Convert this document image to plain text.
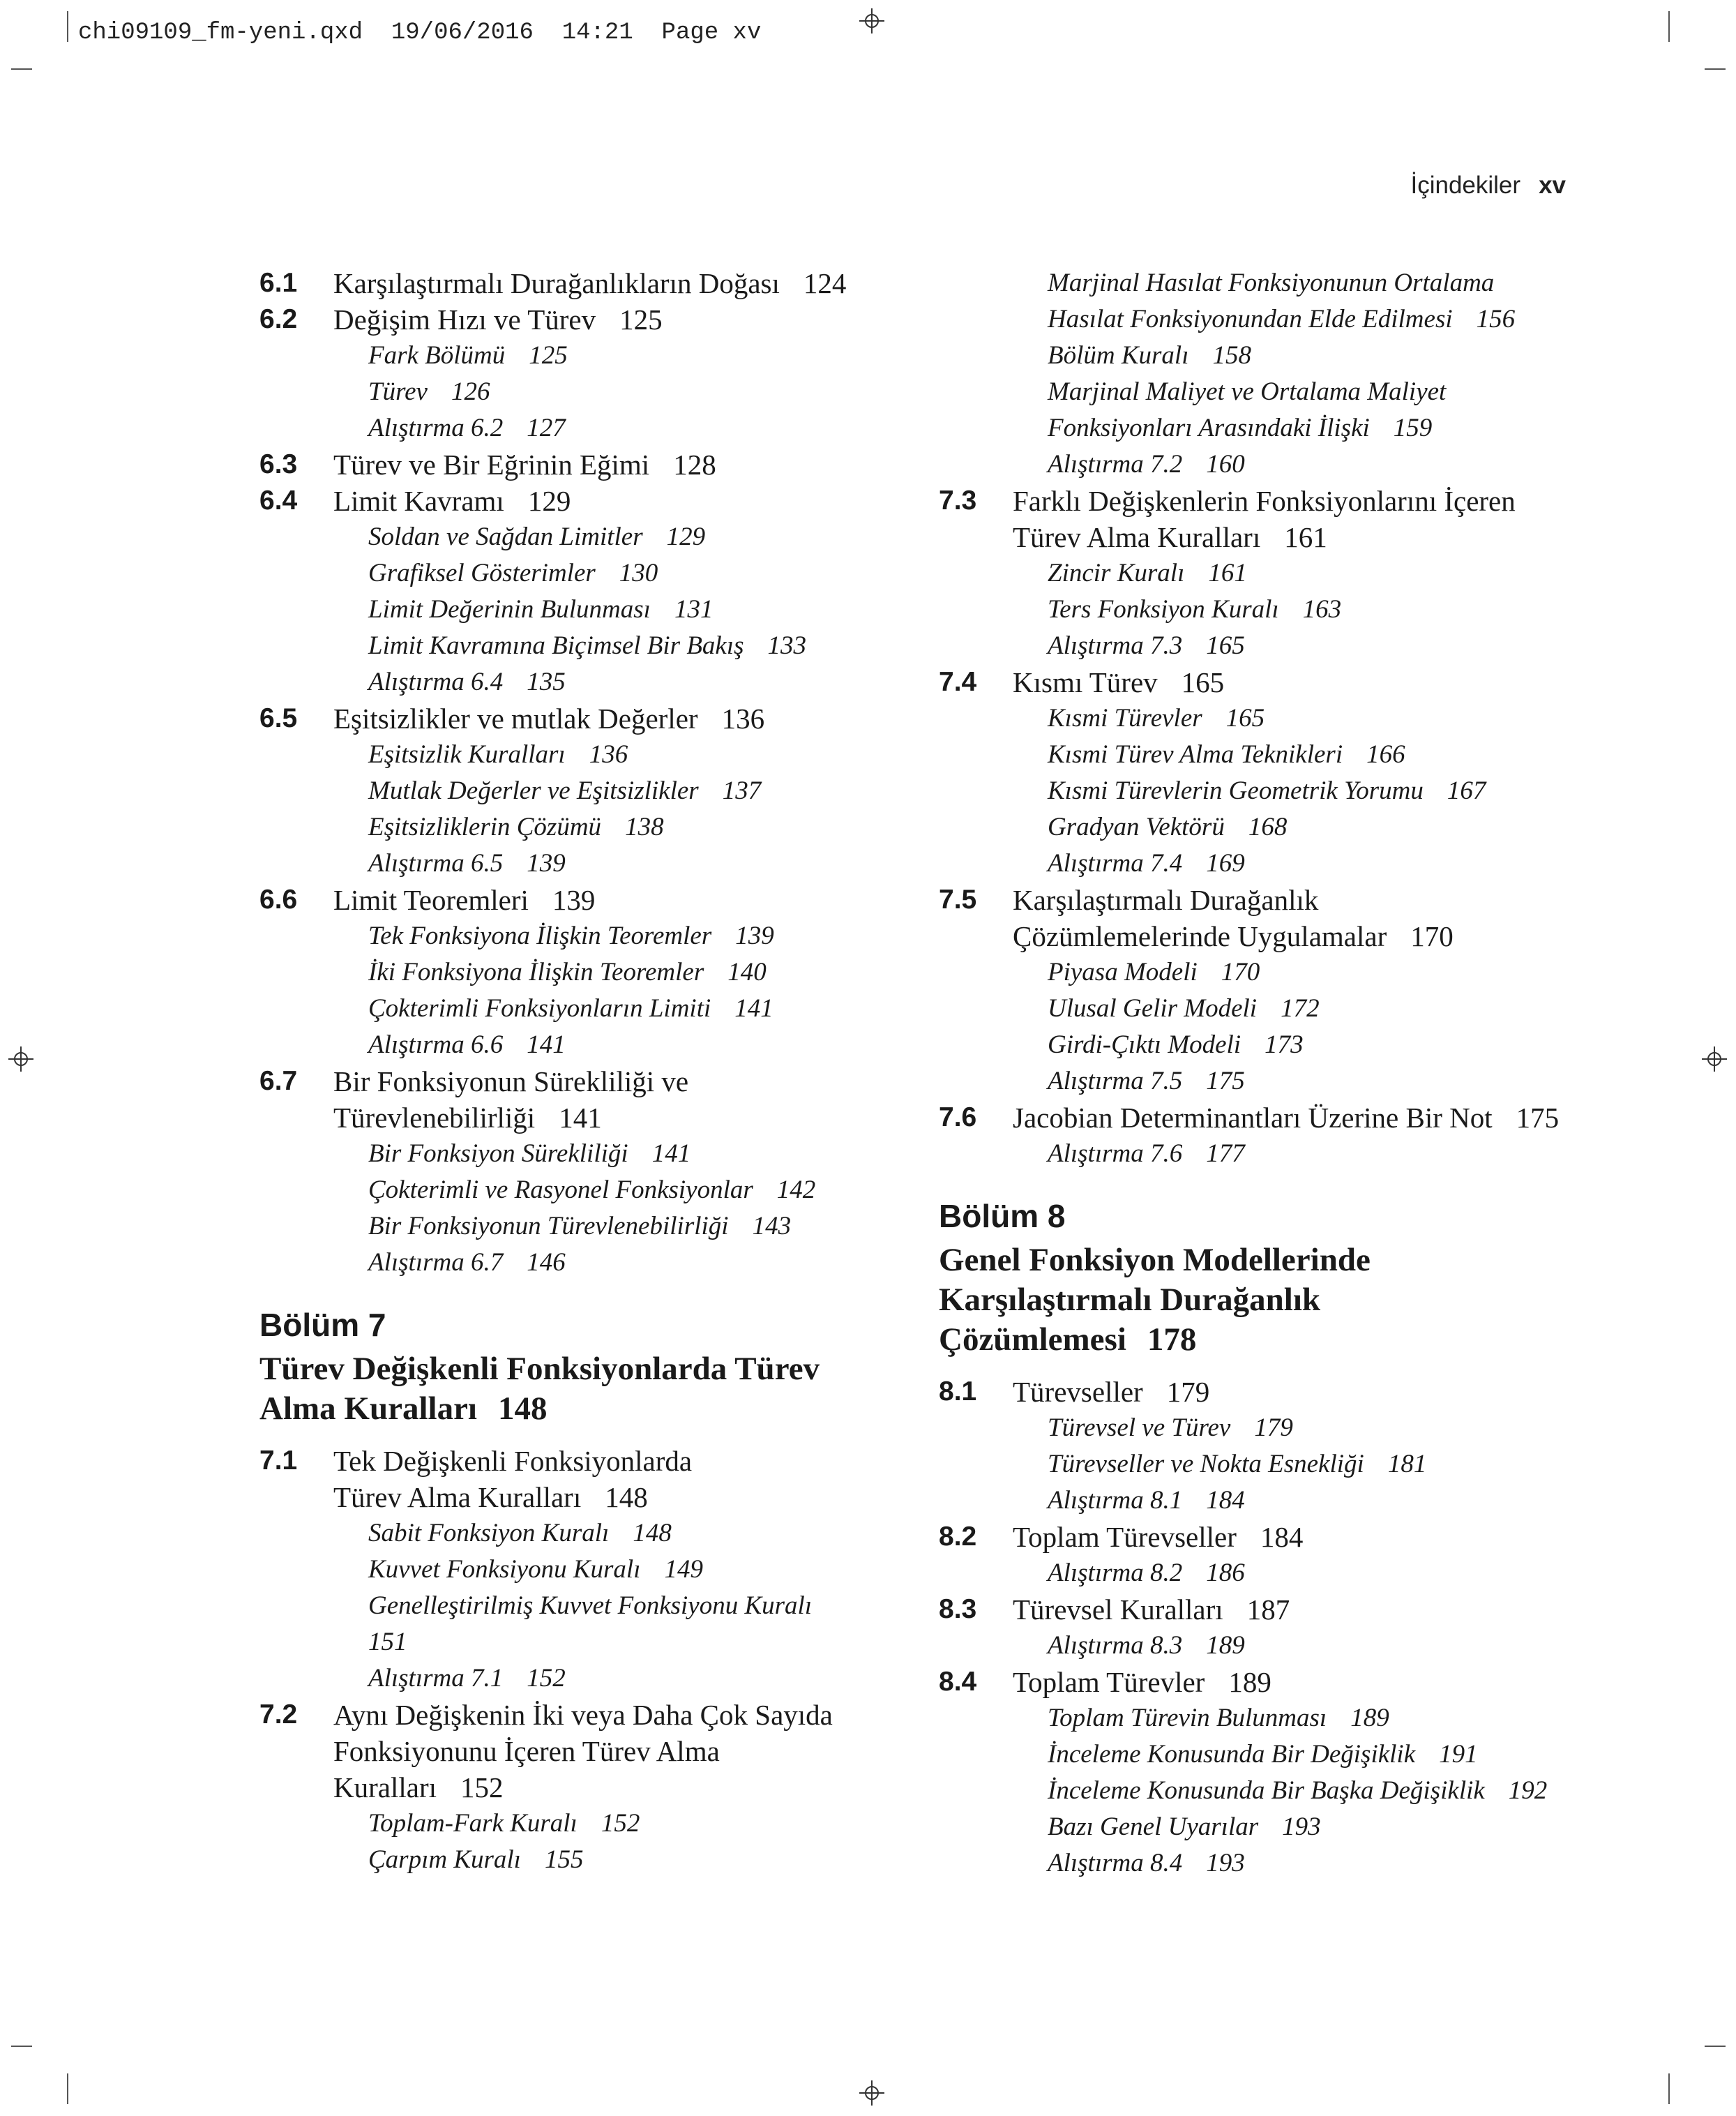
chi09109_fm-yeni.qxd  19/06/2016  14:21  Page xv
İçindekiler xv
6.1 Karşılaştırmalı Durağanlıkların Doğası 124
6.2 Değişim Hızı ve Türev 125
Fark Bölümü 125
Türev 126
Alıştırma 6.2 127
6.3 Türev ve Bir Eğrinin Eğimi 128
6.4 Limit Kavramı 129
Soldan ve Sağdan Limitler 129
Grafiksel Gösterimler 130
Limit Değerinin Bulunması 131
Limit Kavramına Biçimsel Bir Bakış 133
Alıştırma 6.4 135
6.5 Eşitsizlikler ve mutlak Değerler 136
Eşitsizlik Kuralları 136
Mutlak Değerler ve Eşitsizlikler 137
Eşitsizliklerin Çözümü 138
Alıştırma 6.5 139
6.6 Limit Teoremleri 139
Tek Fonksiyona İlişkin Teoremler 139
İki Fonksiyona İlişkin Teoremler 140
Çokterimli Fonksiyonların Limiti 141
Alıştırma 6.6 141
6.7 Bir Fonksiyonun Sürekliliği ve
Türevlenebilirliği 141
Bir Fonksiyon Sürekliliği 141
Çokterimli ve Rasyonel Fonksiyonlar 142
Bir Fonksiyonun Türevlenebilirliği 143
Alıştırma 6.7 146
Bölüm 7
Türev Değişkenli Fonksiyonlarda Türev
Alma Kuralları 148
7.1 Tek Değişkenli Fonksiyonlarda
Türev Alma Kuralları 148
Sabit Fonksiyon Kuralı 148
Kuvvet Fonksiyonu Kuralı 149
Genelleştirilmiş Kuvvet Fonksiyonu Kuralı
151
Alıştırma 7.1 152
7.2 Aynı Değişkenin İki veya Daha Çok Sayıda
Fonksiyonunu İçeren Türev Alma
Kuralları 152
Toplam-Fark Kuralı 152
Çarpım Kuralı 155
Marjinal Hasılat Fonksiyonunun Ortalama
Hasılat Fonksiyonundan Elde Edilmesi 156
Bölüm Kuralı 158
Marjinal Maliyet ve Ortalama Maliyet
Fonksiyonları Arasındaki İlişki 159
Alıştırma 7.2 160
7.3 Farklı Değişkenlerin Fonksiyonlarını İçeren
Türev Alma Kuralları 161
Zincir Kuralı 161
Ters Fonksiyon Kuralı 163
Alıştırma 7.3 165
7.4 Kısmı Türev 165
Kısmi Türevler 165
Kısmi Türev Alma Teknikleri 166
Kısmi Türevlerin Geometrik Yorumu 167
Gradyan Vektörü 168
Alıştırma 7.4 169
7.5 Karşılaştırmalı Durağanlık
Çözümlemelerinde Uygulamalar 170
Piyasa Modeli 170
Ulusal Gelir Modeli 172
Girdi-Çıktı Modeli 173
Alıştırma 7.5 175
7.6 Jacobian Determinantları Üzerine Bir Not 175
Alıştırma 7.6 177
Bölüm 8
Genel Fonksiyon Modellerinde
Karşılaştırmalı Durağanlık
Çözümlemesi 178
8.1 Türevseller 179
Türevsel ve Türev 179
Türevseller ve Nokta Esnekliği 181
Alıştırma 8.1 184
8.2 Toplam Türevseller 184
Alıştırma 8.2 186
8.3 Türevsel Kuralları 187
Alıştırma 8.3 189
8.4 Toplam Türevler 189
Toplam Türevin Bulunması 189
İnceleme Konusunda Bir Değişiklik 191
İnceleme Konusunda Bir Başka Değişiklik 192
Bazı Genel Uyarılar 193
Alıştırma 8.4 193
